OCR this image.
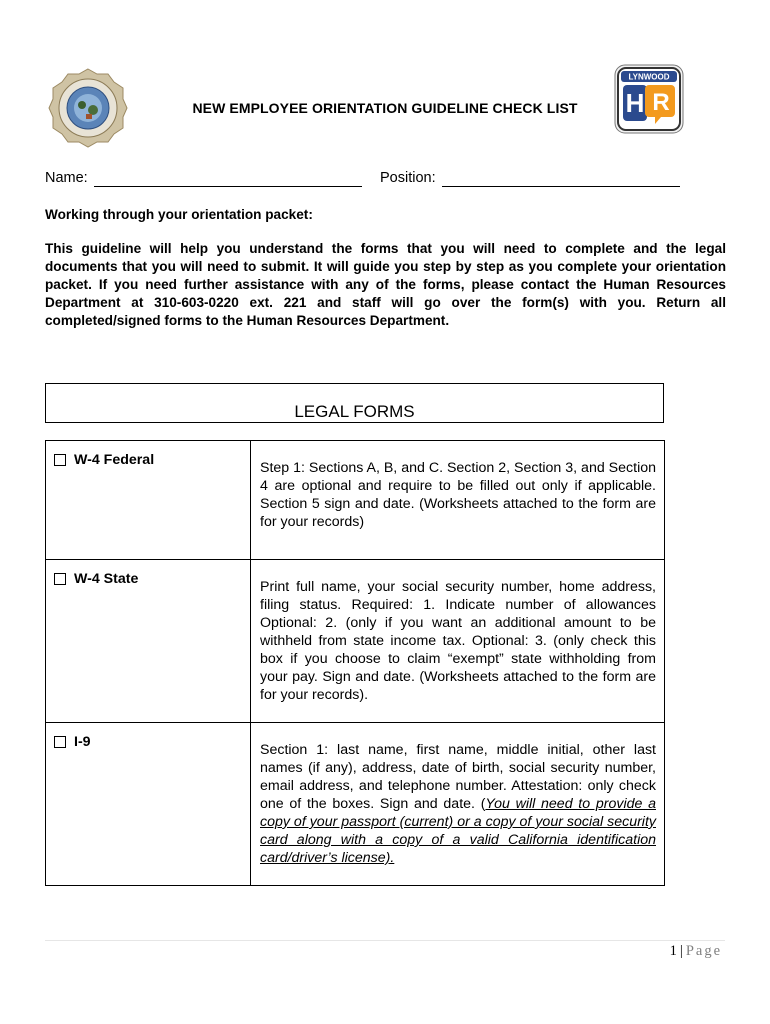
LYNWOOD
H R
NEW EMPLOYEE ORIENTATION GUIDELINE CHECK LIST
Name:	Position:
Working through your orientation packet:
This guideline will help you understand the forms that you will need to complete and the legal documents that you will need to submit. It will guide you step by step as you complete your orientation packet. If you need further assistance with any of the forms, please contact the Human Resources Department at 310-603-0220 ext. 221 and staff will go over the form(s) with you. Return all completed/signed forms to the Human Resources Department.
LEGAL FORMS
W-4 Federal	Step 1: Sections A, B, and C. Section 2, Section 3, and Section 4 are optional and require to be filled out only if applicable. Section 5 sign and date. (Worksheets attached to the form are for your records)

W-4 State	Print full name, your social security number, home address, filing status. Required: 1. Indicate number of allowances Optional: 2. (only if you want an additional amount to be withheld from state income tax. Optional: 3. (only check this box if you choose to claim “exempt” state withholding from your pay. Sign and date. (Worksheets attached to the form are for your records).

I-9	Section 1: last name, first name, middle initial, other last names (if any), address, date of birth, social security number, email address, and telephone number. Attestation: only check one of the boxes. Sign and date. (You will need to provide a copy of your passport (current) or a copy of your social security card along with a copy of a valid California identification card/driver’s license).
1 | Page
